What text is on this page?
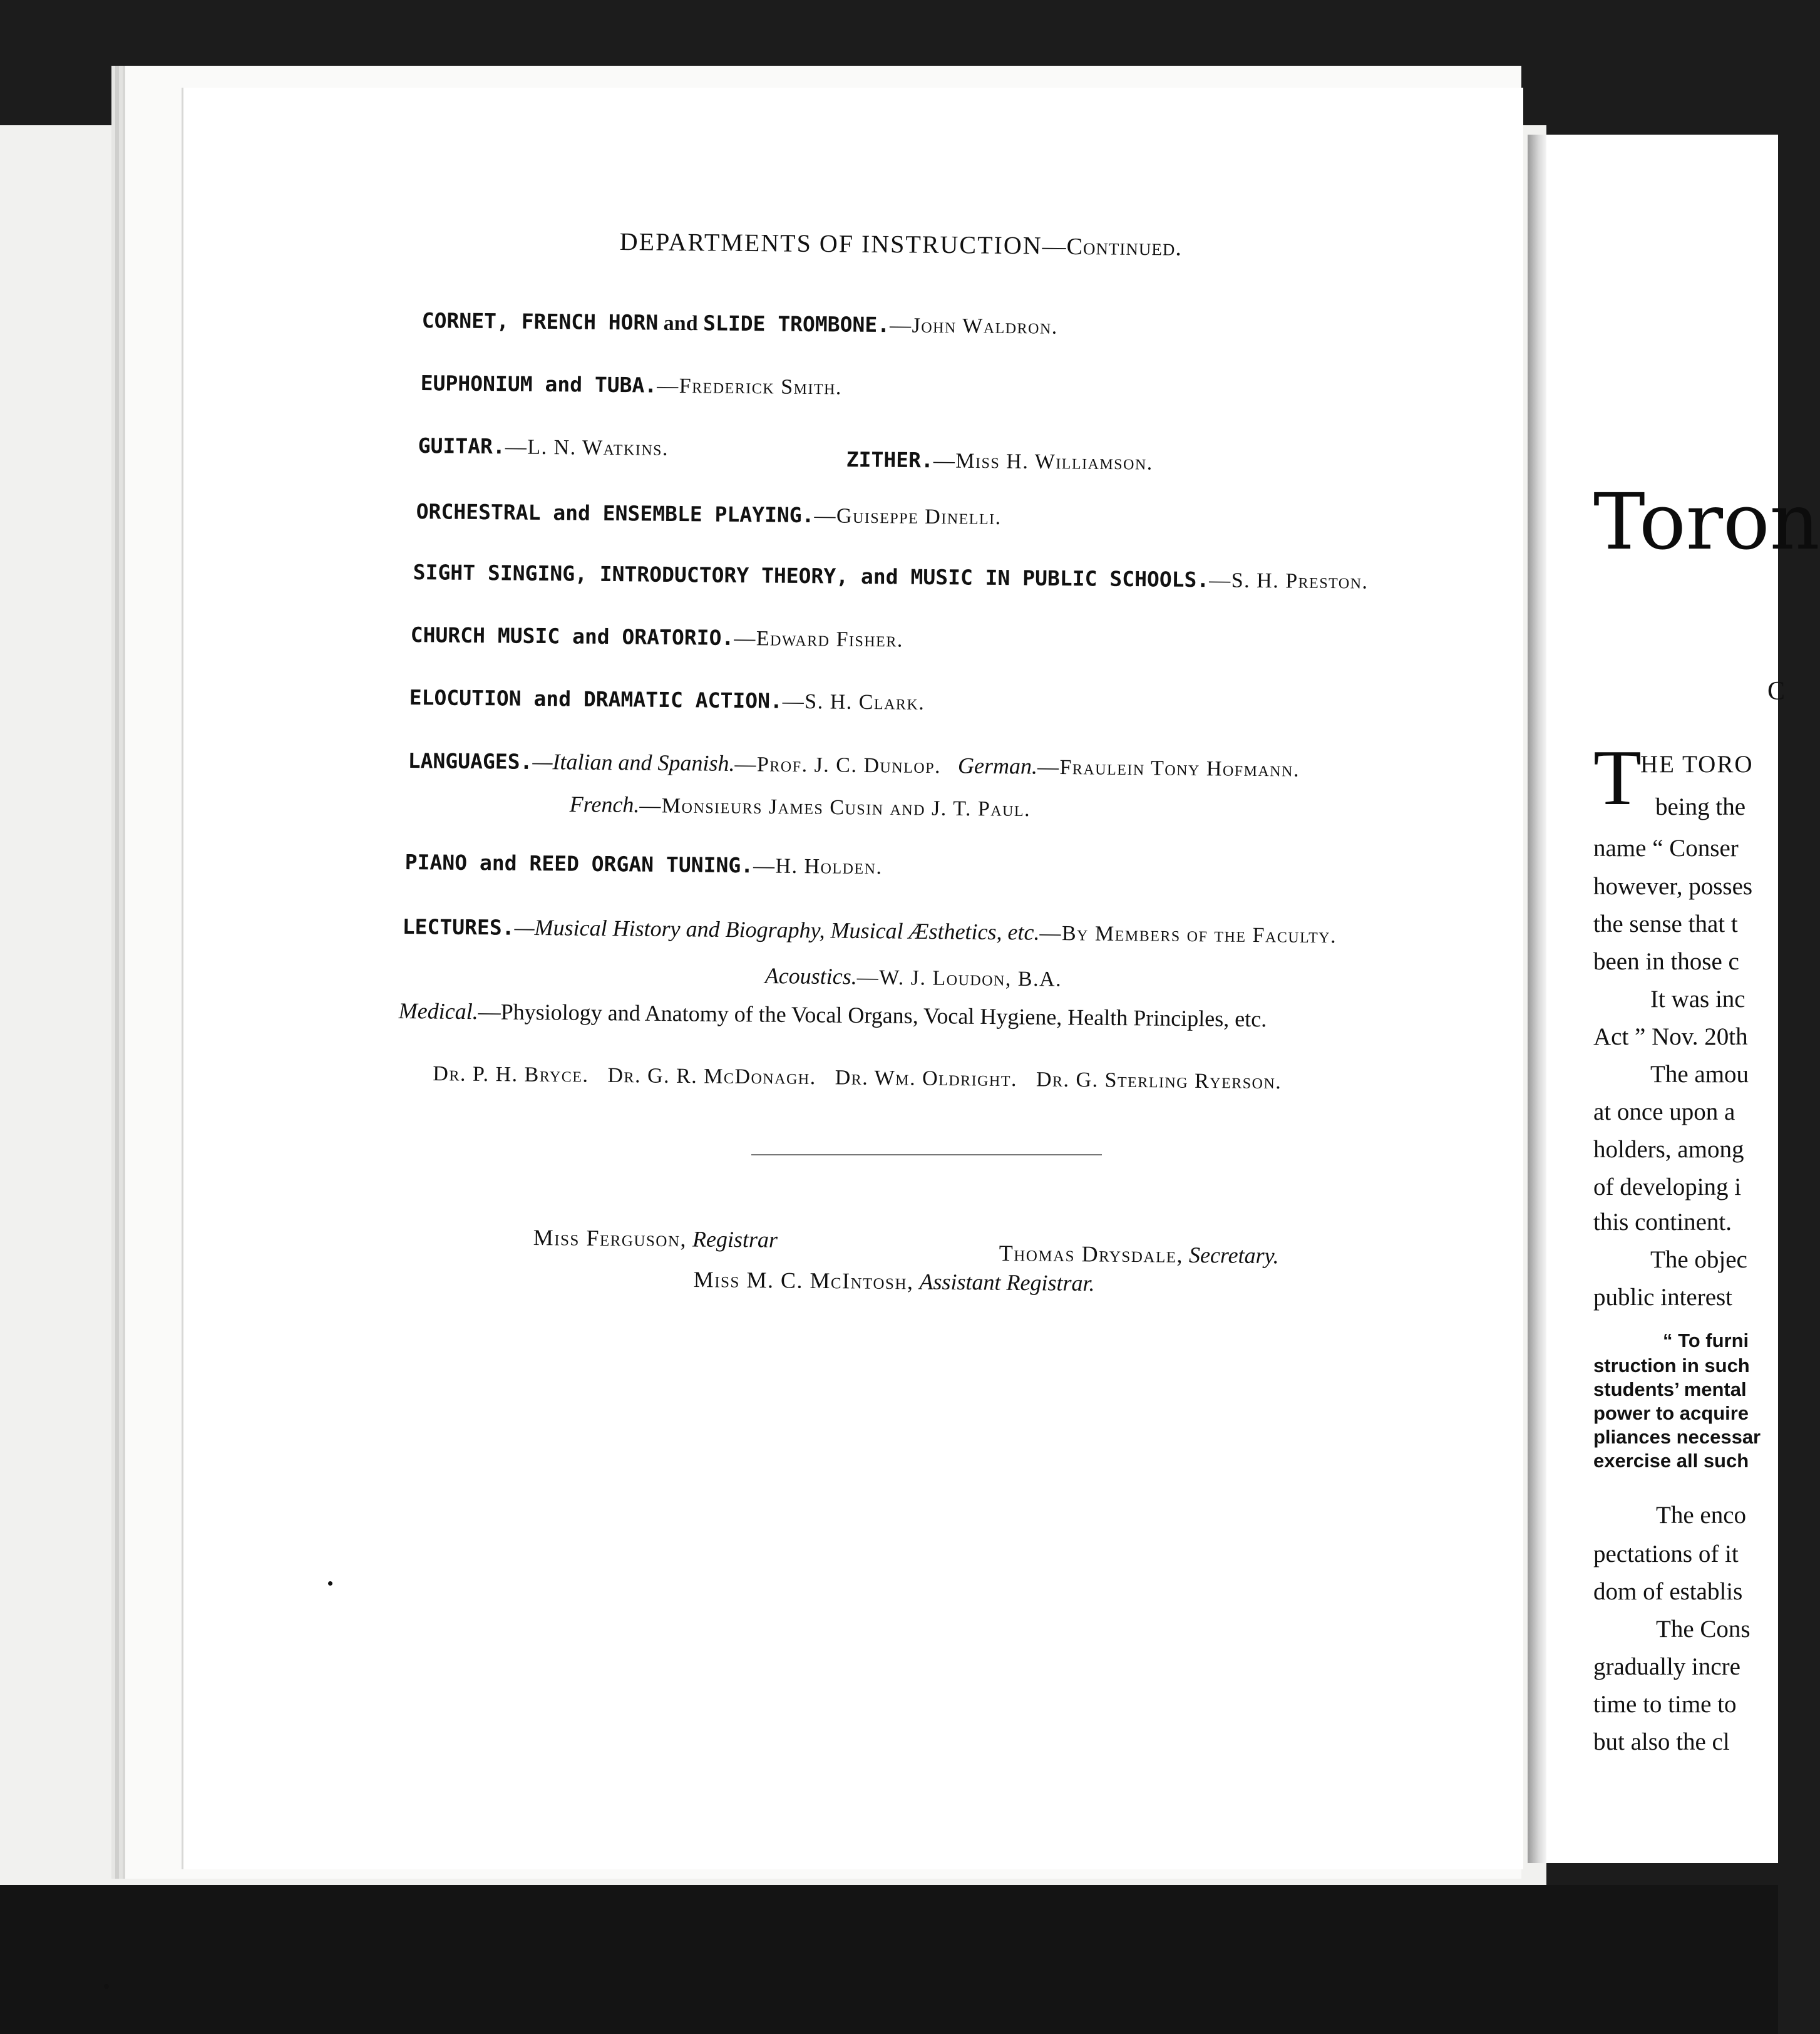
DEPARTMENTS OF INSTRUCTION—Continued.
CORNET, FRENCH HORN and SLIDE TROMBONE.—John Waldron.
EUPHONIUM and TUBA.—Frederick Smith.
GUITAR.—L. N. Watkins.	ZITHER.—Miss H. Williamson.
ORCHESTRAL and ENSEMBLE PLAYING.—Guiseppe Dinelli.
SIGHT SINGING, INTRODUCTORY THEORY, and MUSIC IN PUBLIC SCHOOLS.—S. H. Preston.
CHURCH MUSIC and ORATORIO.—Edward Fisher.
ELOCUTION and DRAMATIC ACTION.—S. H. Clark.
LANGUAGES.—Italian and Spanish.—Prof. J. C. Dunlop. German.—Fraulein Tony Hofmann.
French.—Monsieurs James Cusin and J. T. Paul.
PIANO and REED ORGAN TUNING.—H. Holden.
LECTURES.—Musical History and Biography, Musical Æsthetics, etc.—By Members of the Faculty.
Acoustics.—W. J. Loudon, B.A.
Medical.—Physiology and Anatomy of the Vocal Organs, Vocal Hygiene, Health Principles, etc.

Dr. P. H. Bryce.   Dr. G. R. McDonagh.   Dr. Wm. Oldright.   Dr. G. Sterling Ryerson.

Miss Ferguson, Registrar
Thomas Drysdale, Secretary.
Miss M. C. McIntosh, Assistant Registrar.
Toron
C
T
HE TORO
being the
name “ Conser
however, posses
the sense that t
been in those c
It was inc
Act ” Nov. 20th
The amou
at once upon a
holders, among
of developing i
this continent.
The objec
public interest
“ To furni
struction in such
students’ mental
power to acquire
pliances necessar
exercise all such
The enco
pectations of it
dom of establis
The Cons
gradually incre
time to time to
but also the cl
